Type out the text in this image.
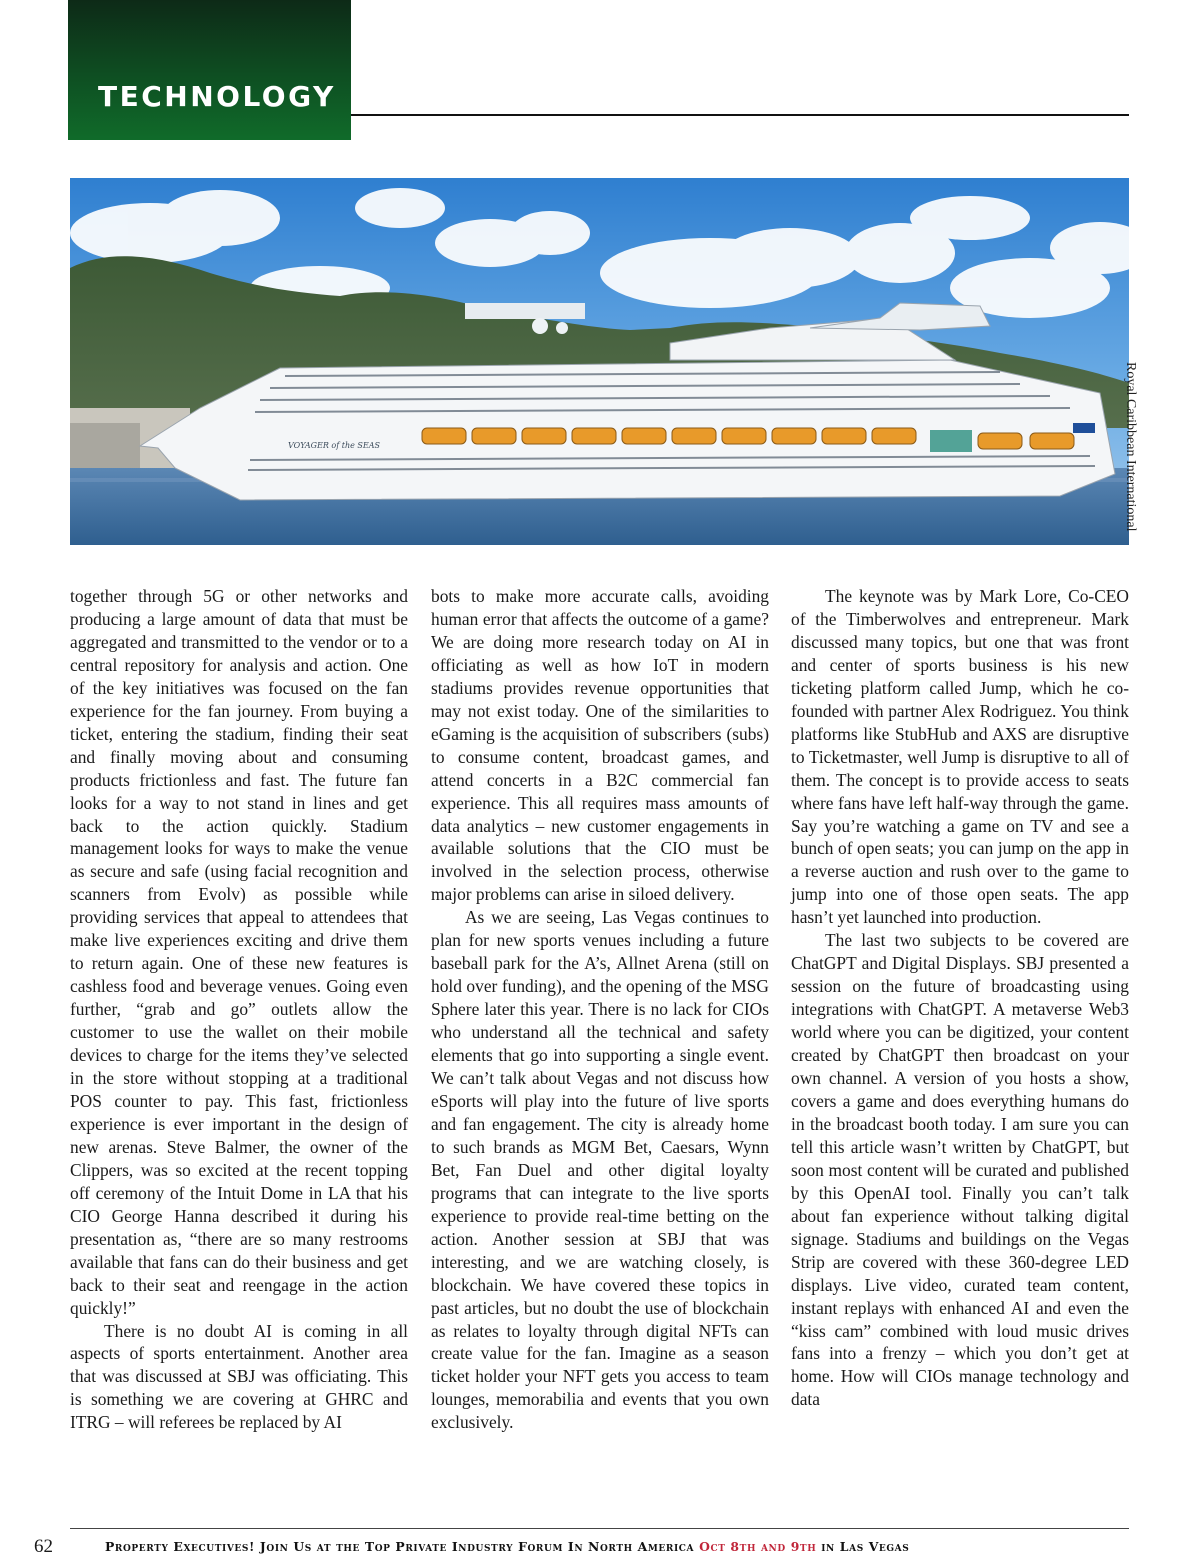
TECHNOLOGY
VOYAGER of the SEAS	Royal Caribbean International

together through 5G or other networks and producing a large amount of data that must be aggregated and transmitted to the vendor or to a central repository for analysis and action. One of the key initiatives was focused on the fan experience for the fan journey. From buying a ticket, entering the stadium, finding their seat and finally moving about and consuming products frictionless and fast. The future fan looks for a way to not stand in lines and get back to the action quickly. Stadium management looks for ways to make the venue as secure and safe (using facial recognition and scanners from Evolv) as possible while providing services that appeal to attendees that make live experiences exciting and drive them to return again. One of these new features is cashless food and beverage venues. Going even further, “grab and go” outlets allow the customer to use the wallet on their mobile devices to charge for the items they’ve selected in the store without stopping at a traditional POS counter to pay. This fast, frictionless experience is ever important in the design of new arenas. Steve Balmer, the owner of the Clippers, was so excited at the recent topping off ceremony of the Intuit Dome in LA that his CIO George Hanna described it during his presentation as, “there are so many restrooms available that fans can do their business and get back to their seat and reengage in the action quickly!”

There is no doubt AI is coming in all aspects of sports entertainment. Another area that was discussed at SBJ was officiating. This is something we are covering at GHRC and ITRG – will referees be replaced by AI

bots to make more accurate calls, avoiding human error that affects the outcome of a game? We are doing more research today on AI in officiating as well as how IoT in modern stadiums provides revenue opportunities that may not exist today. One of the similarities to eGaming is the acquisition of subscribers (subs) to consume content, broadcast games, and attend concerts in a B2C commercial fan experience. This all requires mass amounts of data analytics – new customer engagements in available solutions that the CIO must be involved in the selection process, otherwise major problems can arise in siloed delivery.

As we are seeing, Las Vegas continues to plan for new sports venues including a future baseball park for the A’s, Allnet Arena (still on hold over funding), and the opening of the MSG Sphere later this year. There is no lack for CIOs who understand all the technical and safety elements that go into supporting a single event. We can’t talk about Vegas and not discuss how eSports will play into the future of live sports and fan engagement. The city is already home to such brands as MGM Bet, Caesars, Wynn Bet, Fan Duel and other digital loyalty programs that can integrate to the live sports experience to provide real-time betting on the action. Another session at SBJ that was interesting, and we are watching closely, is blockchain. We have covered these topics in past articles, but no doubt the use of blockchain as relates to loyalty through digital NFTs can create value for the fan. Imagine as a season ticket holder your NFT gets you access to team lounges, memorabilia and events that you own exclusively.

The keynote was by Mark Lore, Co-CEO of the Timberwolves and entrepreneur. Mark discussed many topics, but one that was front and center of sports business is his new ticketing platform called Jump, which he co-founded with partner Alex Rodriguez. You think platforms like StubHub and AXS are disruptive to Ticketmaster, well Jump is disruptive to all of them. The concept is to provide access to seats where fans have left half-way through the game. Say you’re watching a game on TV and see a bunch of open seats; you can jump on the app in a reverse auction and rush over to the game to jump into one of those open seats. The app hasn’t yet launched into production.

The last two subjects to be covered are ChatGPT and Digital Displays. SBJ presented a session on the future of broadcasting using integrations with ChatGPT. A metaverse Web3 world where you can be digitized, your content created by ChatGPT then broadcast on your own channel. A version of you hosts a show, covers a game and does everything humans do in the broadcast booth today. I am sure you can tell this article wasn’t written by ChatGPT, but soon most content will be curated and published by this OpenAI tool. Finally you can’t talk about fan experience without talking digital signage. Stadiums and buildings on the Vegas Strip are covered with these 360-degree LED displays. Live video, curated team content, instant replays with enhanced AI and even the “kiss cam” combined with loud music drives fans into a frenzy – which you don’t get at home. How will CIOs manage technology and data

62	Property Executives! Join Us at the Top Private Industry Forum In North America Oct 8th and 9th in Las Vegas
